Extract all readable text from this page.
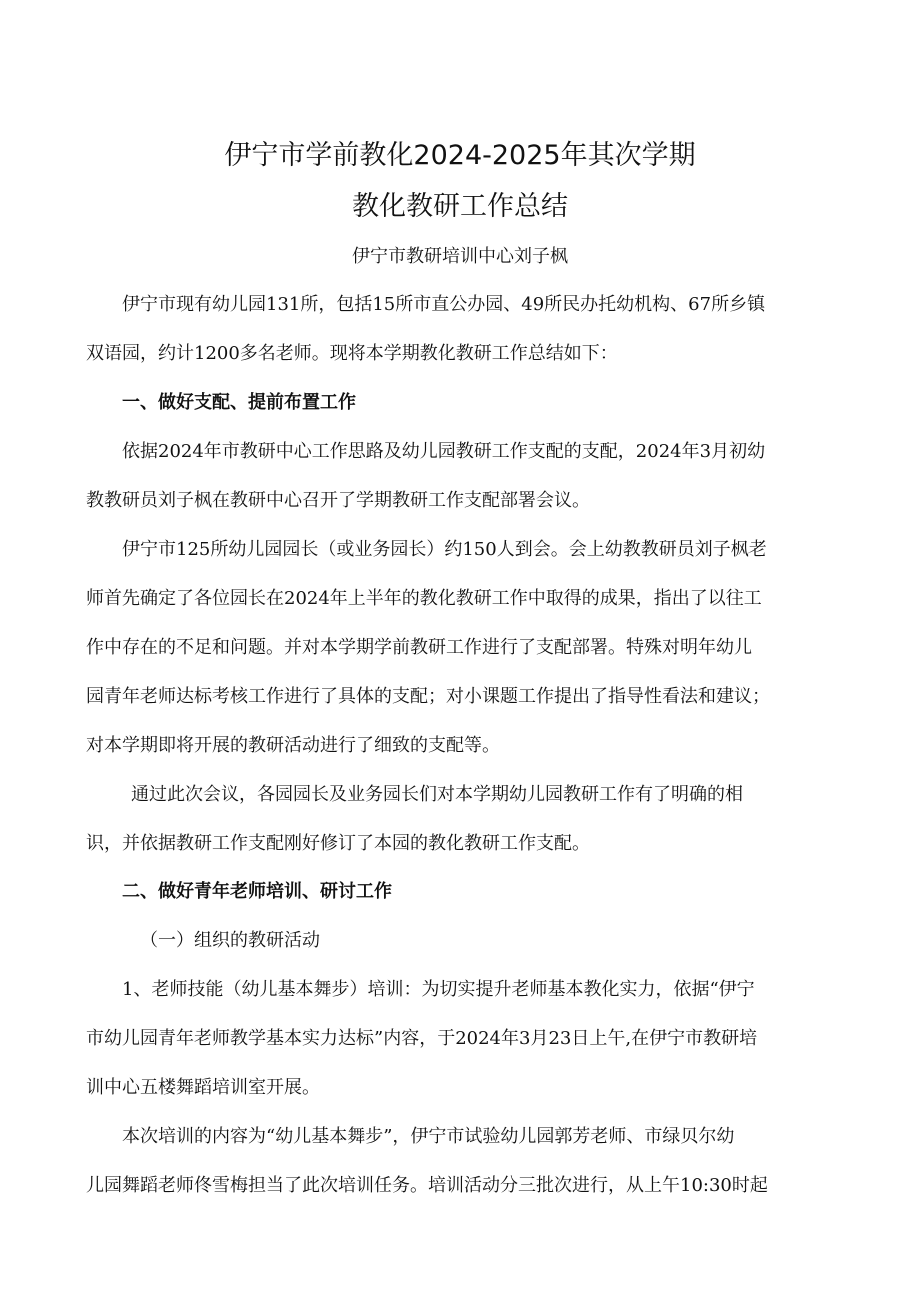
伊宁市学前教化2024-2025年其次学期
教化教研工作总结
伊宁市教研培训中心刘子枫
伊宁市现有幼儿园131所，包括15所市直公办园、49所民办托幼机构、67所乡镇
双语园，约计1200多名老师。现将本学期教化教研工作总结如下：
一、做好支配、提前布置工作
依据2024年市教研中心工作思路及幼儿园教研工作支配的支配，2024年3月初幼
教教研员刘子枫在教研中心召开了学期教研工作支配部署会议。
伊宁市125所幼儿园园长（或业务园长）约150人到会。会上幼教教研员刘子枫老
师首先确定了各位园长在2024年上半年的教化教研工作中取得的成果，指出了以往工
作中存在的不足和问题。并对本学期学前教研工作进行了支配部署。特殊对明年幼儿
园青年老师达标考核工作进行了具体的支配；对小课题工作提出了指导性看法和建议；
对本学期即将开展的教研活动进行了细致的支配等。
通过此次会议，各园园长及业务园长们对本学期幼儿园教研工作有了明确的相
识，并依据教研工作支配刚好修订了本园的教化教研工作支配。
二、做好青年老师培训、研讨工作
（一）组织的教研活动
1、老师技能（幼儿基本舞步）培训：为切实提升老师基本教化实力，依据“伊宁
市幼儿园青年老师教学基本实力达标”内容，于2024年3月23日上午,在伊宁市教研培
训中心五楼舞蹈培训室开展。
本次培训的内容为“幼儿基本舞步”，伊宁市试验幼儿园郭芳老师、市绿贝尔幼
儿园舞蹈老师佟雪梅担当了此次培训任务。培训活动分三批次进行，从上午10:30时起
